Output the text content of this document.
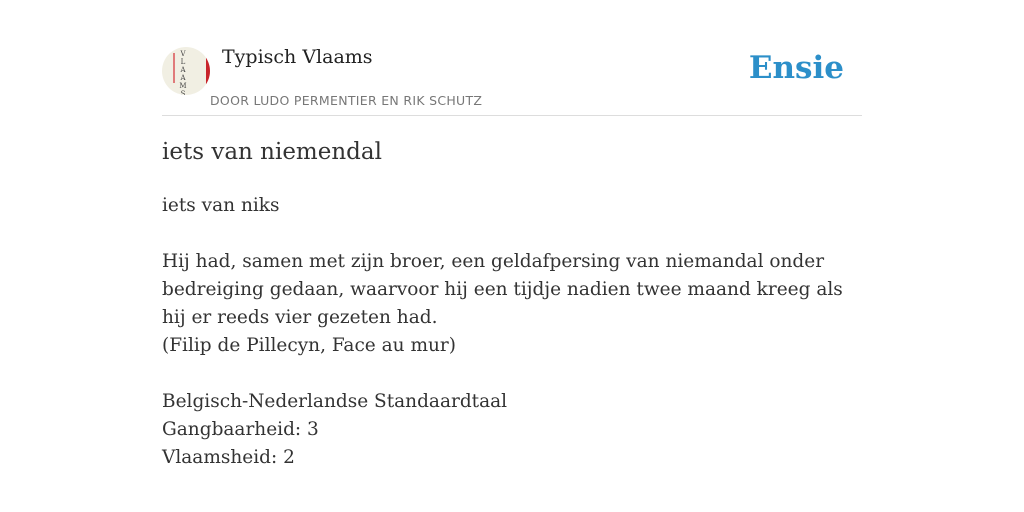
V
L
A
A
M
S
Typisch Vlaams
DOOR LUDO PERMENTIER EN RIK SCHUTZ
Ensie
iets van niemendal

iets van niks

Hij had, samen met zijn broer, een geldafpersing van niemandal onder bedreiging gedaan, waarvoor hij een tijdje nadien twee maand kreeg als hij er reeds vier gezeten had.

(Filip de Pillecyn, Face au mur)

Belgisch-Nederlandse Standaardtaal

Gangbaarheid: 3

Vlaamsheid: 2
